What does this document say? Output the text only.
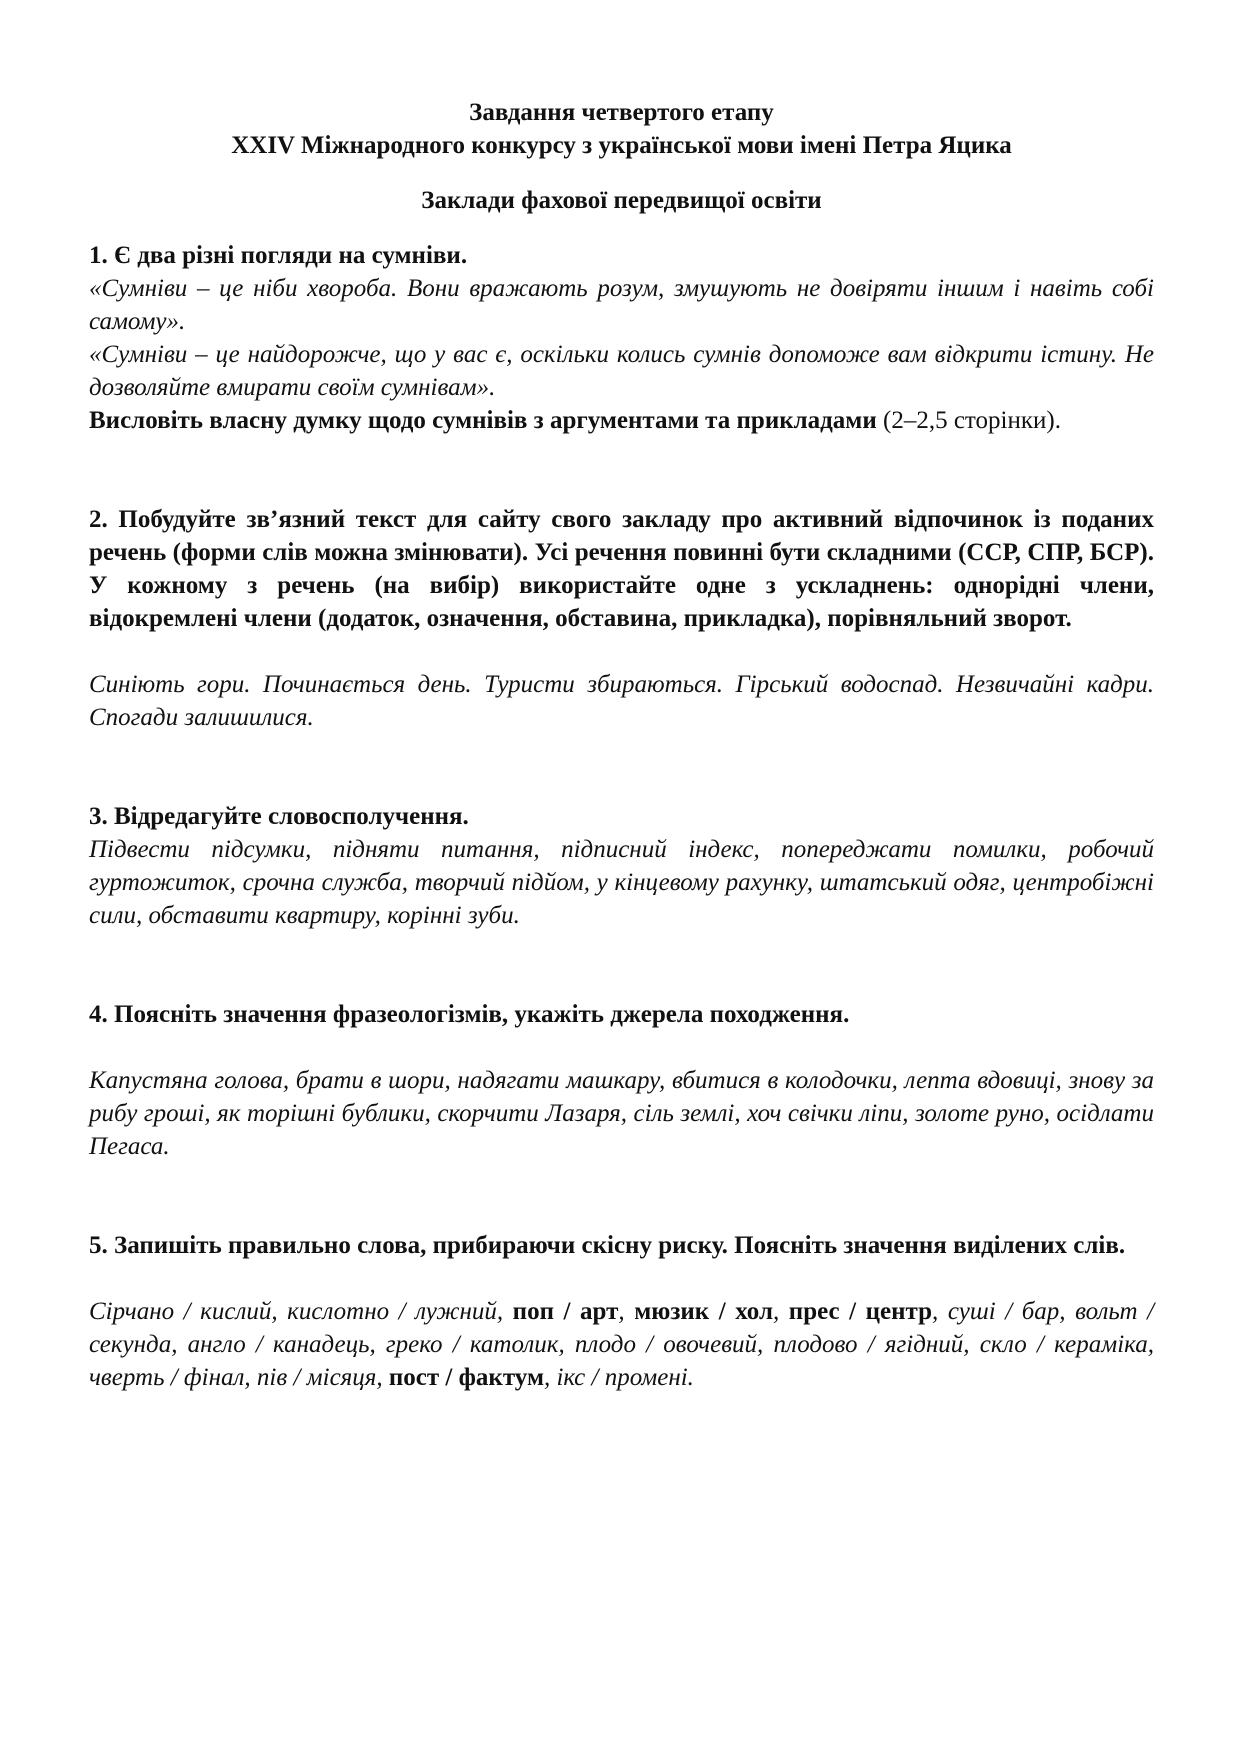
Завдання четвертого етапу

XXIV Міжнародного конкурсу з української мови імені Петра Яцика

Заклади фахової передвищої освіти

1. Є два різні погляди на сумніви.

«Сумніви – це ніби хвороба. Вони вражають розум, змушують не довіряти іншим і навіть собі самому».

«Сумніви – це найдорожче, що у вас є, оскільки колись сумнів допоможе вам відкрити істину. Не дозволяйте вмирати своїм сумнівам».

Висловіть власну думку щодо сумнівів з аргументами та прикладами (2–2,5 сторінки).

2. Побудуйте зв’язний текст для сайту свого закладу про активний відпочинок із поданих речень (форми слів можна змінювати). Усі речення повинні бути складними (ССР, СПР, БСР). У кожному з речень (на вибір) використайте одне з ускладнень: однорідні члени, відокремлені члени (додаток, означення, обставина, прикладка), порівняльний зворот.

Синіють гори. Починається день. Туристи збираються. Гірський водоспад. Незвичайні кадри. Спогади залишилися.

3. Відредагуйте словосполучення.

Підвести підсумки, підняти питання, підписний індекс, попереджати помилки, робочий гуртожиток, срочна служба, творчий підйом, у кінцевому рахунку, штатський одяг, центробіжні сили, обставити квартиру, корінні зуби.

4. Поясніть значення фразеологізмів, укажіть джерела походження.

Капустяна голова, брати в шори, надягати машкару, вбитися в колодочки, лепта вдовиці, знову за рибу гроші, як торішні бублики, скорчити Лазаря, сіль землі, хоч свічки ліпи, золоте руно, осідлати Пегаса.

5. Запишіть правильно слова, прибираючи скісну риску. Поясніть значення виділених слів.

Сірчано / кислий, кислотно / лужний, поп / арт, мюзик / хол, прес / центр, суші / бар, вольт / секунда, англо / канадець, греко / католик, плодо / овочевий, плодово / ягідний, скло / кераміка, чверть / фінал, пів / місяця, пост / фактум, ікс / промені.
